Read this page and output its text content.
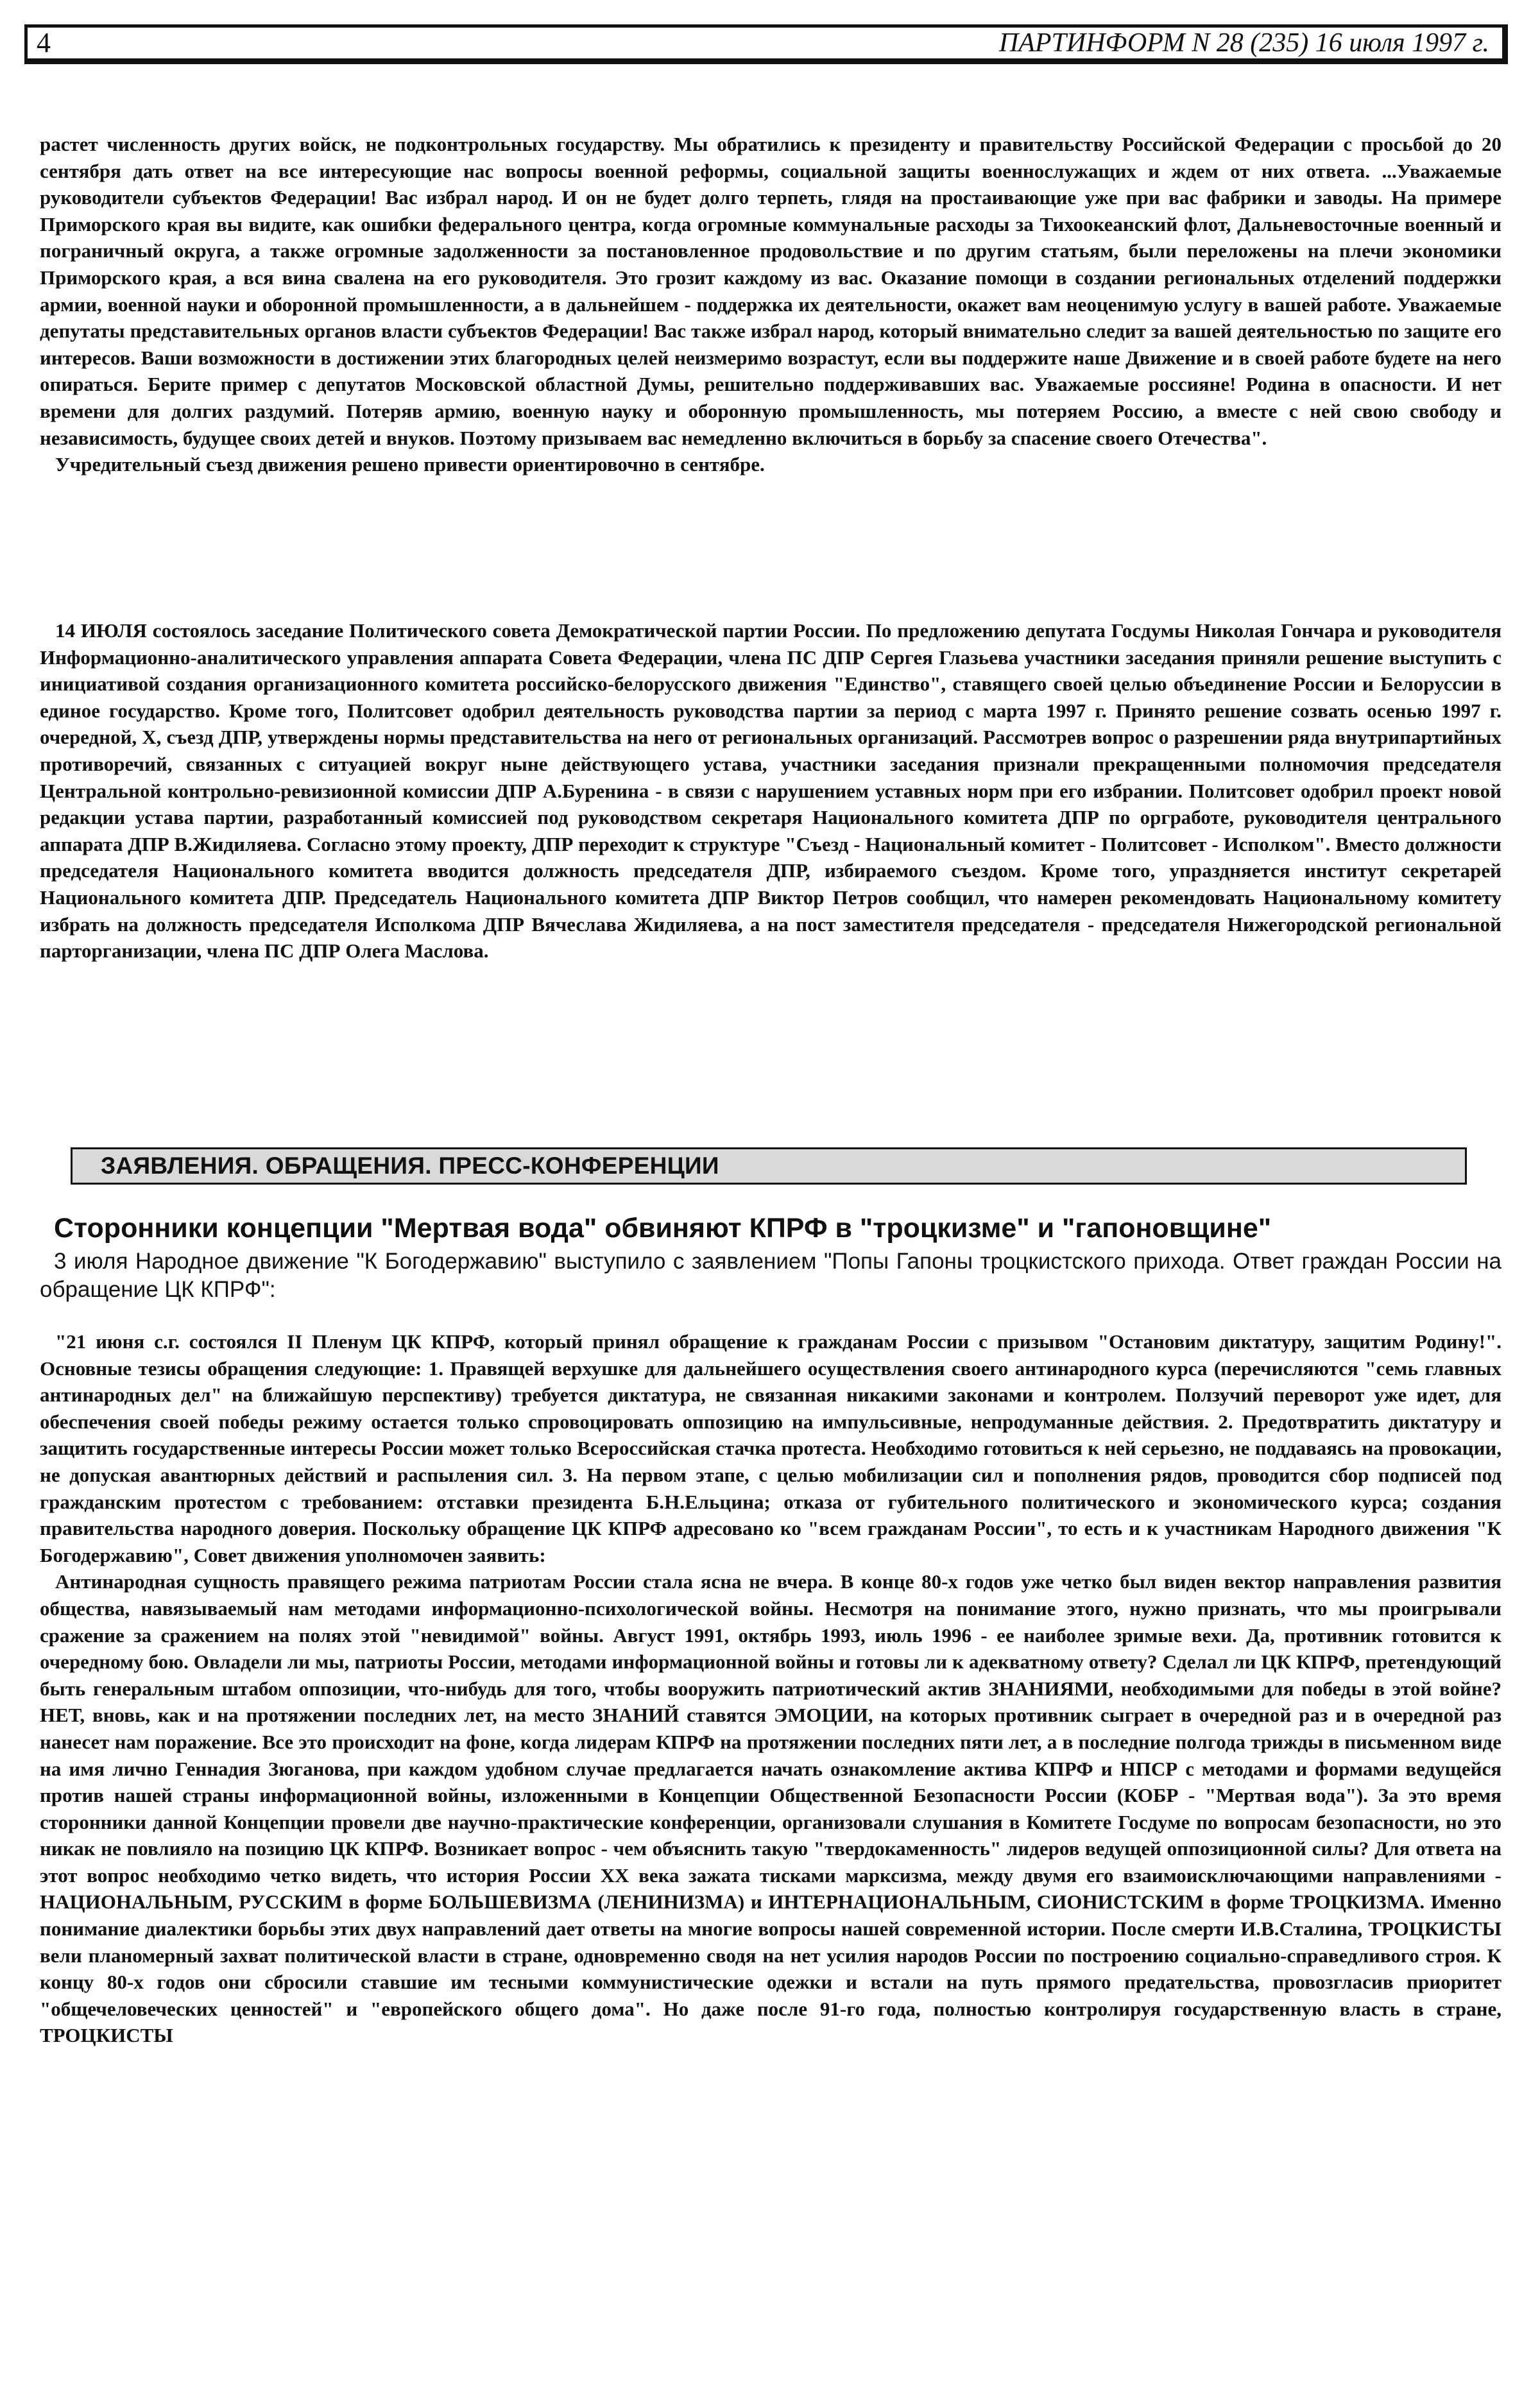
4	ПАРТИНФОРМ N 28 (235) 16 июля 1997 г.

растет численность других войск, не подконтрольных государству. Мы обратились к президенту и правительству Российской Федерации с просьбой до 20 сентября дать ответ на все интересующие нас вопросы военной реформы, социальной защиты военнослужащих и ждем от них ответа. ...Уважаемые руководители субъектов Федерации! Вас избрал народ. И он не будет долго терпеть, глядя на простаивающие уже при вас фабрики и заводы. На примере Приморского края вы видите, как ошибки федерального центра, когда огромные коммунальные расходы за Тихоокеанский флот, Дальневосточные военный и пограничный округа, а также огромные задолженности за постановленное продовольствие и по другим статьям, были переложены на плечи экономики Приморского края, а вся вина свалена на его руководителя. Это грозит каждому из вас. Оказание помощи в создании региональных отделений поддержки армии, военной науки и оборонной промышленности, а в дальнейшем - поддержка их деятельности, окажет вам неоценимую услугу в вашей работе. Уважаемые депутаты представительных органов власти субъектов Федерации! Вас также избрал народ, который внимательно следит за вашей деятельностью по защите его интересов. Ваши возможности в достижении этих благородных целей неизмеримо возрастут, если вы поддержите наше Движение и в своей работе будете на него опираться. Берите пример с депутатов Московской областной Думы, решительно поддерживавших вас. Уважаемые россияне! Родина в опасности. И нет времени для долгих раздумий. Потеряв армию, военную науку и оборонную промышленность, мы потеряем Россию, а вместе с ней свою свободу и независимость, будущее своих детей и внуков. Поэтому призываем вас немедленно включиться в борьбу за спасение своего Отечества".

Учредительный съезд движения решено привести ориентировочно в сентябре.

14 ИЮЛЯ состоялось заседание Политического совета Демократической партии России. По предложению депутата Госдумы Николая Гончара и руководителя Информационно-аналитического управления аппарата Совета Федерации, члена ПС ДПР Сергея Глазьева участники заседания приняли решение выступить с инициативой создания организационного комитета российско-белорусского движения "Единство", ставящего своей целью объединение России и Белоруссии в единое государство. Кроме того, Политсовет одобрил деятельность руководства партии за период с марта 1997 г. Принято решение созвать осенью 1997 г. очередной, X, съезд ДПР, утверждены нормы представительства на него от региональных организаций. Рассмотрев вопрос о разрешении ряда внутрипартийных противоречий, связанных с ситуацией вокруг ныне действующего устава, участники заседания признали прекращенными полномочия председателя Центральной контрольно-ревизионной комиссии ДПР А.Буренина - в связи с нарушением уставных норм при его избрании. Политсовет одобрил проект новой редакции устава партии, разработанный комиссией под руководством секретаря Национального комитета ДПР по оргработе, руководителя центрального аппарата ДПР В.Жидиляева. Согласно этому проекту, ДПР переходит к структуре "Съезд - Национальный комитет - Политсовет - Исполком". Вместо должности председателя Национального комитета вводится должность председателя ДПР, избираемого съездом. Кроме того, упраздняется институт секретарей Национального комитета ДПР. Председатель Национального комитета ДПР Виктор Петров сообщил, что намерен рекомендовать Национальному комитету избрать на должность председателя Исполкома ДПР Вячеслава Жидиляева, а на пост заместителя председателя - председателя Нижегородской региональной парторганизации, члена ПС ДПР Олега Маслова.

ЗАЯВЛЕНИЯ. ОБРАЩЕНИЯ. ПРЕСС-КОНФЕРЕНЦИИ
Сторонники концепции "Мертвая вода" обвиняют КПРФ в "троцкизме" и "гапоновщине"
3 июля Народное движение "К Богодержавию" выступило с заявлением "Попы Гапоны троцкистского прихода. Ответ граждан России на обращение ЦК КПРФ":

"21 июня с.г. состоялся II Пленум ЦК КПРФ, который принял обращение к гражданам России с призывом "Остановим диктатуру, защитим Родину!". Основные тезисы обращения следующие: 1. Правящей верхушке для дальнейшего осуществления своего антинародного курса (перечисляются "семь главных антинародных дел" на ближайшую перспективу) требуется диктатура, не связанная никакими законами и контролем. Ползучий переворот уже идет, для обеспечения своей победы режиму остается только спровоцировать оппозицию на импульсивные, непродуманные действия. 2. Предотвратить диктатуру и защитить государственные интересы России может только Всероссийская стачка протеста. Необходимо готовиться к ней серьезно, не поддаваясь на провокации, не допуская авантюрных действий и распыления сил. 3. На первом этапе, с целью мобилизации сил и пополнения рядов, проводится сбор подписей под гражданским протестом с требованием: отставки президента Б.Н.Ельцина; отказа от губительного политического и экономического курса; создания правительства народного доверия. Поскольку обращение ЦК КПРФ адресовано ко "всем гражданам России", то есть и к участникам Народного движения "К Богодержавию", Совет движения уполномочен заявить:

Антинародная сущность правящего режима патриотам России стала ясна не вчера. В конце 80-х годов уже четко был виден вектор направления развития общества, навязываемый нам методами информационно-психологической войны. Несмотря на понимание этого, нужно признать, что мы проигрывали сражение за сражением на полях этой "невидимой" войны. Август 1991, октябрь 1993, июль 1996 - ее наиболее зримые вехи. Да, противник готовится к очередному бою. Овладели ли мы, патриоты России, методами информационной войны и готовы ли к адекватному ответу? Сделал ли ЦК КПРФ, претендующий быть генеральным штабом оппозиции, что-нибудь для того, чтобы вооружить патриотический актив ЗНАНИЯМИ, необходимыми для победы в этой войне? НЕТ, вновь, как и на протяжении последних лет, на место ЗНАНИЙ ставятся ЭМОЦИИ, на которых противник сыграет в очередной раз и в очередной раз нанесет нам поражение. Все это происходит на фоне, когда лидерам КПРФ на протяжении последних пяти лет, а в последние полгода трижды в письменном виде на имя лично Геннадия Зюганова, при каждом удобном случае предлагается начать ознакомление актива КПРФ и НПСР с методами и формами ведущейся против нашей страны информационной войны, изложенными в Концепции Общественной Безопасности России (КОБР - "Мертвая вода"). За это время сторонники данной Концепции провели две научно-практические конференции, организовали слушания в Комитете Госдуме по вопросам безопасности, но это никак не повлияло на позицию ЦК КПРФ. Возникает вопрос - чем объяснить такую "твердокаменность" лидеров ведущей оппозиционной силы? Для ответа на этот вопрос необходимо четко видеть, что история России XX века зажата тисками марксизма, между двумя его взаимоисключающими направлениями - НАЦИОНАЛЬНЫМ, РУССКИМ в форме БОЛЬШЕВИЗМА (ЛЕНИНИЗМА) и ИНТЕРНАЦИОНАЛЬНЫМ, СИОНИСТСКИМ в форме ТРОЦКИЗМА. Именно понимание диалектики борьбы этих двух направлений дает ответы на многие вопросы нашей современной истории. После смерти И.В.Сталина, ТРОЦКИСТЫ вели планомерный захват политической власти в стране, одновременно сводя на нет усилия народов России по построению социально-справедливого строя. К концу 80-х годов они сбросили ставшие им тесными коммунистические одежки и встали на путь прямого предательства, провозгласив приоритет "общечеловеческих ценностей" и "европейского общего дома". Но даже после 91-го года, полностью контролируя государственную власть в стране, ТРОЦКИСТЫ
